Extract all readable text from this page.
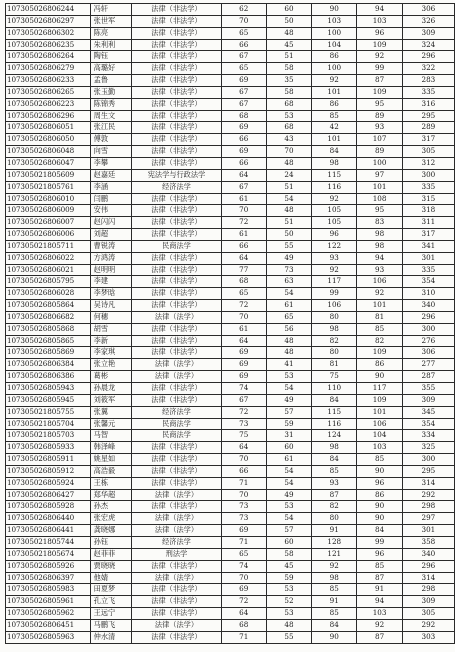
107305026806244	冯轩	法律（非法学）	62	60	90	94	306
107305026806297	张世军	法律（非法学）	70	50	103	103	326
107305026806302	陈亮	法律（非法学）	65	48	100	96	309
107305026806235	朱利利	法律（非法学）	66	45	104	109	324
107305026806264	陶钰	法律（非法学）	67	51	86	92	296
107305026806279	高璐好	法律（非法学）	65	58	100	99	322
107305026806233	孟鲁	法律（非法学）	69	35	92	87	283
107305026806265	张玉勤	法律（非法学）	67	58	101	109	335
107305026806223	陈锦秀	法律（非法学）	67	68	86	95	316
107305026806296	周生文	法律（非法学）	68	53	85	89	295
107305026806051	张江民	法律（非法学）	69	68	42	93	289
107305026806050	傅敦	法律（非法学）	66	43	101	107	317
107305026806048	向雪	法律（非法学）	69	70	84	89	305
107305026806047	李攀	法律（非法学）	66	48	98	100	312
107305021805609	赵嘉廷	宪法学与行政法学	64	24	115	97	300
107305021805761	李涵	经济法学	67	51	116	101	335
107305026806010	闫鹏	法律（非法学）	61	54	92	108	315
107305026806009	安伟	法律（非法学）	70	48	105	95	318
107305026806007	赵闪闪	法律（非法学）	72	51	105	83	311
107305026806006	刘超	法律（非法学）	61	50	96	98	317
107305021805711	曹锐涛	民商法学	66	55	122	98	341
107305026806022	方鸿涛	法律（非法学）	64	49	93	94	301
107305026806021	赵明明	法律（非法学）	77	73	92	93	335
107305026805795	李建	法律（非法学）	68	63	117	106	354
107305026806028	李梦晗	法律（非法学）	65	54	99	92	310
107305026805864	吴诗凡	法律（非法学）	72	61	106	101	340
107305026806682	何穗	法律（法学）	70	65	80	81	296
107305026805868	胡雪	法律（非法学）	61	56	98	85	300
107305026805865	李新	法律（非法学）	64	48	82	82	276
107305026805869	李家琪	法律（非法学）	69	48	80	109	306
107305026806384	张立艳	法律（法学）	69	41	81	86	277
107305026806386	葛彬	法律（法学）	69	53	75	90	287
107305026805943	孙晨龙	法律（非法学）	74	54	110	117	355
107305026805945	刘筱军	法律（非法学）	67	49	84	109	309
107305021805755	张翼	经济法学	72	57	115	101	345
107305021805704	张馨元	民商法学	73	59	116	106	354
107305021805703	马智	民商法学	75	31	124	104	334
107305026805933	韩泽峰	法律（非法学）	64	60	98	103	325
107305026805911	姚星如	法律（非法学）	70	61	84	85	300
107305026805912	高浩毅	法律（非法学）	66	54	85	90	295
107305026805924	王栋	法律（非法学）	71	54	93	96	314
107305026806427	郑华超	法律（法学）	70	49	87	86	292
107305026805928	孙杰	法律（非法学）	73	53	82	90	298
107305026806440	张宏虎	法律（法学）	73	54	80	90	297
107305026806441	龚晓娜	法律（法学）	69	57	91	84	301
107305021805744	孙钰	经济法学	71	60	128	99	358
107305021805674	赵菲菲	刑法学	65	58	121	96	340
107305026805926	贾晓晓	法律（非法学）	74	45	92	85	296
107305026806397	他婧	法律（法学）	70	59	98	87	314
107305026805983	田夏梦	法律（非法学）	69	53	85	91	298
107305026805961	孔立飞	法律（非法学）	72	52	91	94	309
107305026805962	王远宁	法律（非法学）	64	53	85	103	305
107305026806451	马鹏飞	法律（法学）	68	48	84	92	292
107305026805963	仲水清	法律（非法学）	71	55	90	87	303
